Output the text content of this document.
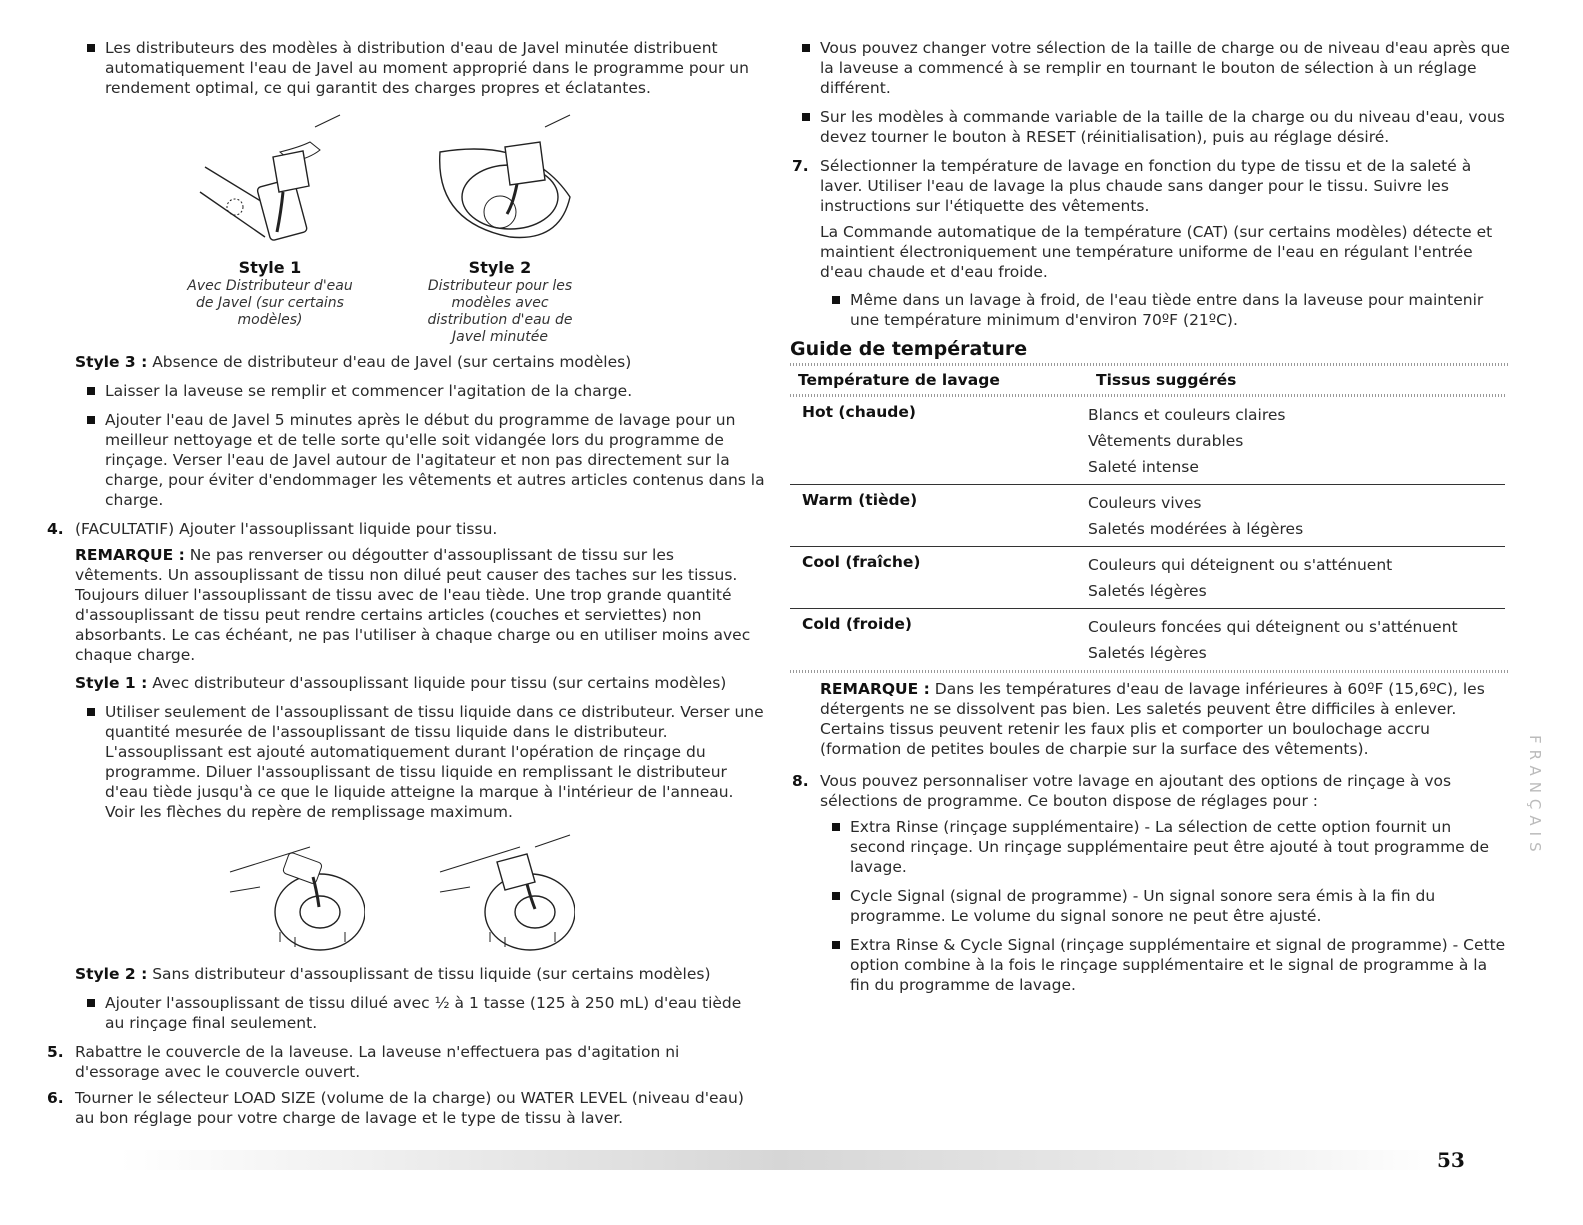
Les distributeurs des modèles à distribution d'eau de Javel minutée distribuent automatiquement l'eau de Javel au moment approprié dans le programme pour un rendement optimal, ce qui garantit des charges propres et éclatantes.

Style 1
Avec Distributeur d'eau de Javel (sur certains modèles)
Style 2
Distributeur pour les modèles avec distribution d'eau de Javel minutée

Style 3 : Absence de distributeur d'eau de Javel (sur certains modèles)

Laisser la laveuse se remplir et commencer l'agitation de la charge.

Ajouter l'eau de Javel 5 minutes après le début du programme de lavage pour un meilleur nettoyage et de telle sorte qu'elle soit vidangée lors du programme de rinçage. Verser l'eau de Javel autour de l'agitateur et non pas directement sur la charge, pour éviter d'endommager les vêtements et autres articles contenus dans la charge.

4. (FACULTATIF) Ajouter l'assouplissant liquide pour tissu.

REMARQUE : Ne pas renverser ou dégoutter d'assouplissant de tissu sur les vêtements. Un assouplissant de tissu non dilué peut causer des taches sur les tissus. Toujours diluer l'assouplissant de tissu avec de l'eau tiède. Une trop grande quantité d'assouplissant de tissu peut rendre certains articles (couches et serviettes) non absorbants. Le cas échéant, ne pas l'utiliser à chaque charge ou en utiliser moins avec chaque charge.

Style 1 : Avec distributeur d'assouplissant liquide pour tissu (sur certains modèles)

Utiliser seulement de l'assouplissant de tissu liquide dans ce distributeur. Verser une quantité mesurée de l'assouplissant de tissu liquide dans le distributeur. L'assouplissant est ajouté automatiquement durant l'opération de rinçage du programme. Diluer l'assouplissant de tissu liquide en remplissant le distributeur d'eau tiède jusqu'à ce que le liquide atteigne la marque à l'intérieur de l'anneau. Voir les flèches du repère de remplissage maximum.

Style 2 : Sans distributeur d'assouplissant de tissu liquide (sur certains modèles)

Ajouter l'assouplissant de tissu dilué avec ½ à 1 tasse (125 à 250 mL) d'eau tiède au rinçage final seulement.

5. Rabattre le couvercle de la laveuse. La laveuse n'effectuera pas d'agitation ni d'essorage avec le couvercle ouvert.
6. Tourner le sélecteur LOAD SIZE (volume de la charge) ou WATER LEVEL (niveau d'eau) au bon réglage pour votre charge de lavage et le type de tissu à laver.

Vous pouvez changer votre sélection de la taille de charge ou de niveau d'eau après que la laveuse a commencé à se remplir en tournant le bouton de sélection à un réglage différent.

Sur les modèles à commande variable de la taille de la charge ou du niveau d'eau, vous devez tourner le bouton à RESET (réinitialisation), puis au réglage désiré.

7. Sélectionner la température de lavage en fonction du type de tissu et de la saleté à laver. Utiliser l'eau de lavage la plus chaude sans danger pour le tissu. Suivre les instructions sur l'étiquette des vêtements.

La Commande automatique de la température (CAT) (sur certains modèles) détecte et maintient électroniquement une température uniforme de l'eau en régulant l'entrée d'eau chaude et d'eau froide.

Même dans un lavage à froid, de l'eau tiède entre dans la laveuse pour maintenir une température minimum d'environ 70ºF (21ºC).

Guide de température
Température de lavage	Tissus suggérés

Hot (chaude)	Blancs et couleurs claires
Vêtements durables
Saleté intense

Warm (tiède)	Couleurs vives
Saletés modérées à légères

Cool (fraîche)	Couleurs qui déteignent ou s'atténuent
Saletés légères

Cold (froide)	Couleurs foncées qui déteignent ou s'atténuent
Saletés légères

REMARQUE : Dans les températures d'eau de lavage inférieures à 60ºF (15,6ºC), les détergents ne se dissolvent pas bien. Les saletés peuvent être difficiles à enlever. Certains tissus peuvent retenir les faux plis et comporter un boulochage accru (formation de petites boules de charpie sur la surface des vêtements).

8. Vous pouvez personnaliser votre lavage en ajoutant des options de rinçage à vos sélections de programme. Ce bouton dispose de réglages pour :

Extra Rinse (rinçage supplémentaire) - La sélection de cette option fournit un second rinçage. Un rinçage supplémentaire peut être ajouté à tout programme de lavage.

Cycle Signal (signal de programme) - Un signal sonore sera émis à la fin du programme. Le volume du signal sonore ne peut être ajusté.

Extra Rinse & Cycle Signal (rinçage supplémentaire et signal de programme) - Cette option combine à la fois le rinçage supplémentaire et le signal de programme à la fin du programme de lavage.

FRANÇAIS
53
